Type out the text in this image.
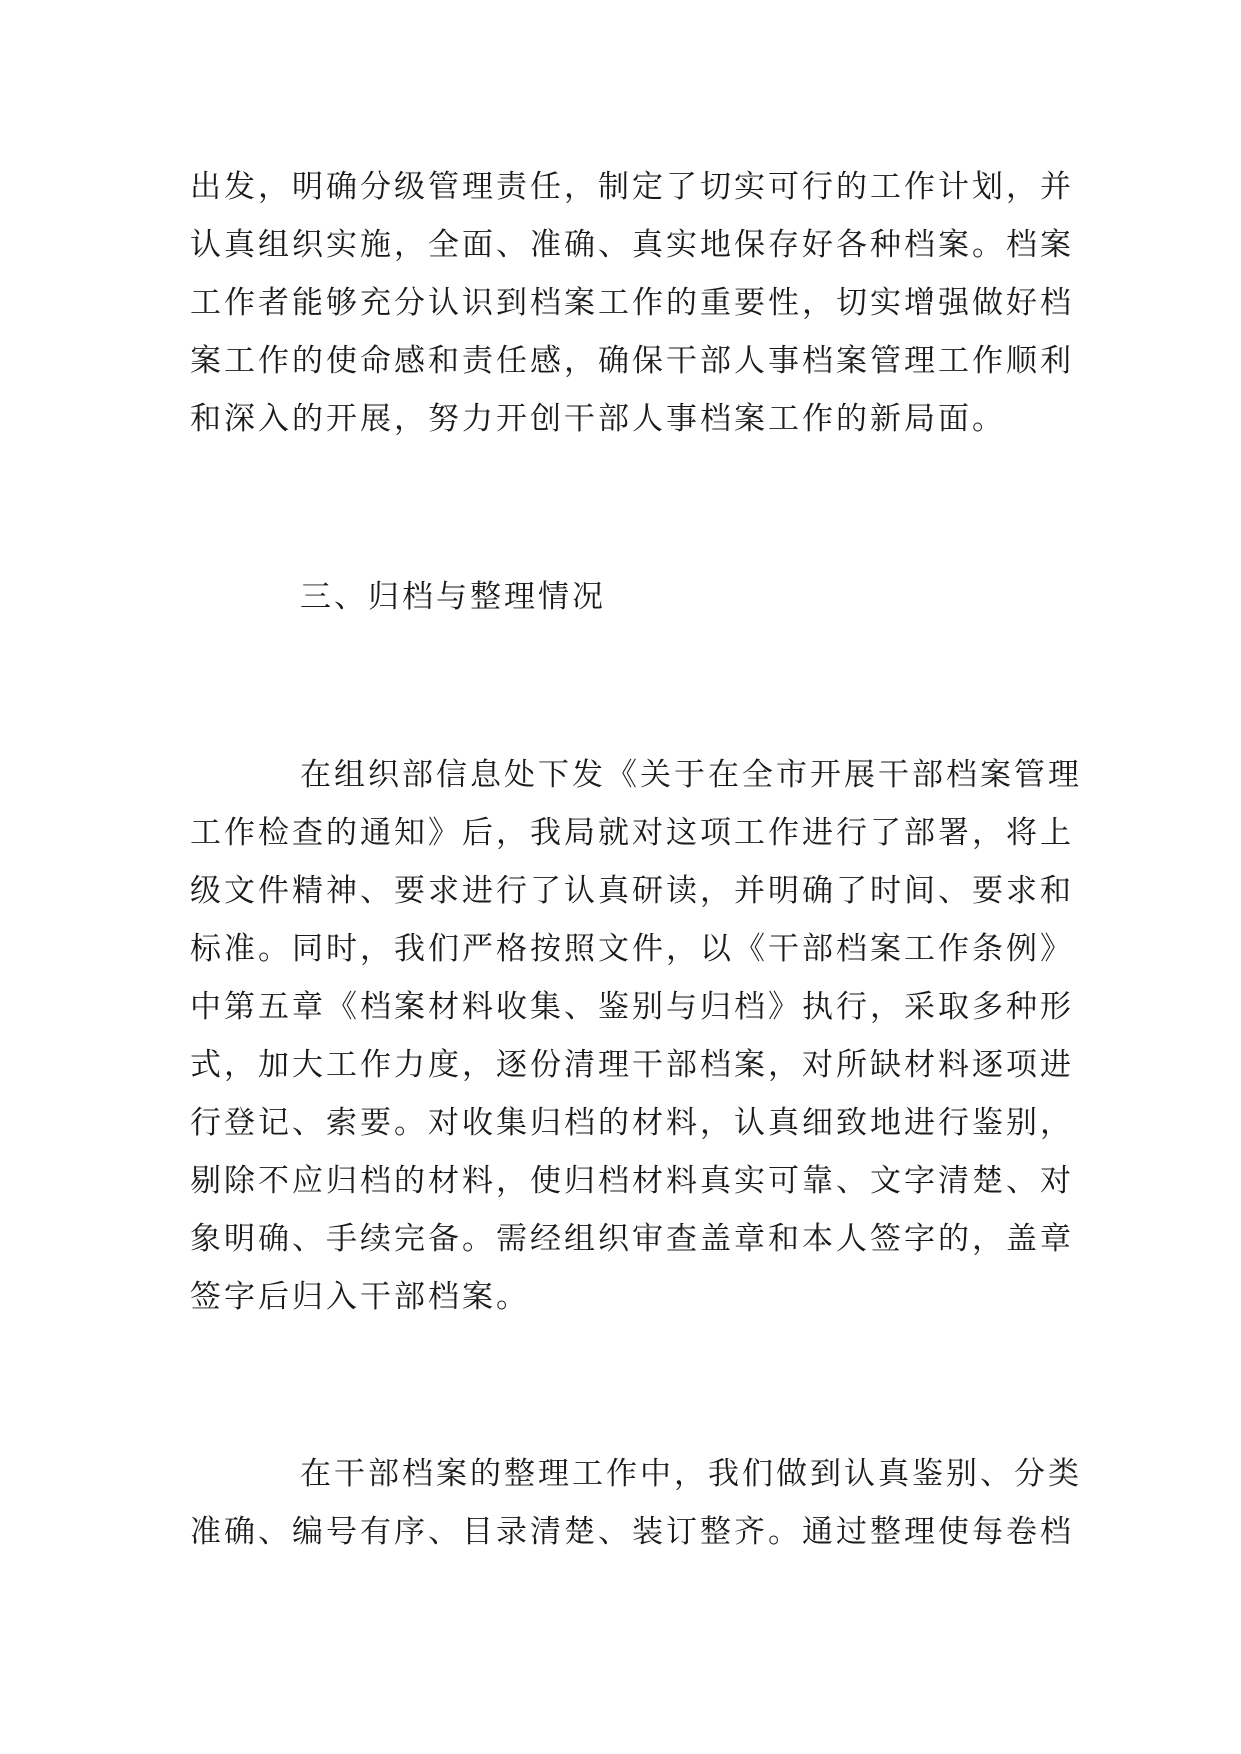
出发，明确分级管理责任，制定了切实可行的工作计划，并
认真组织实施，全面、准确、真实地保存好各种档案。档案
工作者能够充分认识到档案工作的重要性，切实增强做好档
案工作的使命感和责任感，确保干部人事档案管理工作顺利
和深入的开展，努力开创干部人事档案工作的新局面。
三、归档与整理情况
在组织部信息处下发《关于在全市开展干部档案管理
工作检查的通知》后，我局就对这项工作进行了部署，将上
级文件精神、要求进行了认真研读，并明确了时间、要求和
标准。同时，我们严格按照文件，以《干部档案工作条例》
中第五章《档案材料收集、鉴别与归档》执行，采取多种形
式，加大工作力度，逐份清理干部档案，对所缺材料逐项进
行登记、索要。对收集归档的材料，认真细致地进行鉴别，
剔除不应归档的材料，使归档材料真实可靠、文字清楚、对
象明确、手续完备。需经组织审查盖章和本人签字的，盖章
签字后归入干部档案。
在干部档案的整理工作中，我们做到认真鉴别、分类
准确、编号有序、目录清楚、装订整齐。通过整理使每卷档
